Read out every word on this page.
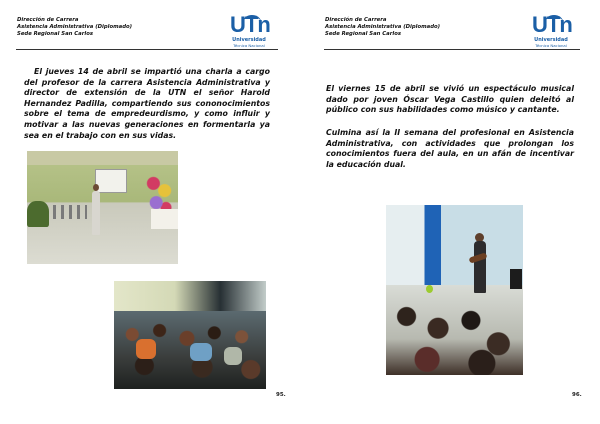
Dirección de Carrera
Asistencia Administrativa (Diplomado)
Sede Regional San Carlos	UTn
Universidad
Técnica Nacional
El jueves 14 de abril se impartió una charla a cargo del profesor de la carrera Asistencia Administrativa y director de extensión de la UTN el señor Harold Hernandez Padilla, compartiendo sus cononocimientos sobre el tema de empredeurdismo, y como influir y motivar a las nuevas generaciones en formentarla ya sea en el trabajo con en sus vidas.
95.
Dirección de Carrera
Asistencia Administrativa (Diplomado)
Sede Regional San Carlos	UTn
Universidad
Técnica Nacional
El viernes 15 de abril se vivió un espectáculo musical dado por joven Óscar Vega Castillo quien deleitó al público con sus habilidades como músico y cantante.
Culmina así la II semana del profesional en Asistencia Administrativa, con actividades que prolongan los conocimientos fuera del aula, en un afán de incentivar la educación dual.
96.
